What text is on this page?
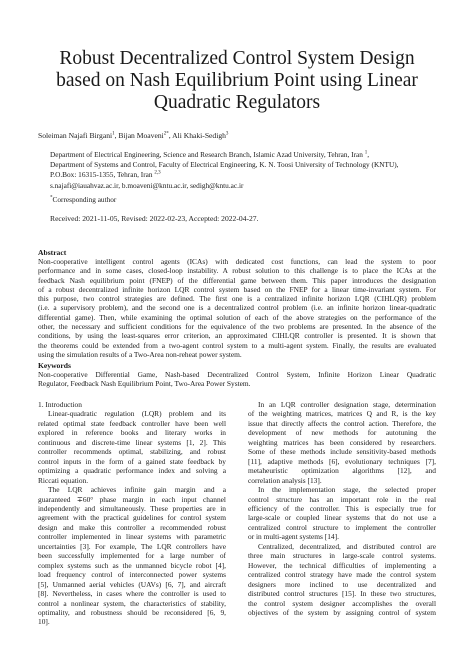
Robust Decentralized Control System Design
based on Nash Equilibrium Point using Linear
Quadratic Regulators
Soleiman Najafi Birgani$^1$, Bijan Moaveni$^{2*}$, Ali Khaki-Sedigh$^3$
Department of Electrical Engineering, Science and Research Branch, Islamic Azad University, Tehran, Iran $^1$,
Department of Systems and Control, Faculty of Electrical Engineering, K. N. Toosi University of Technology (KNTU),
P.O.Box: 16315-1355, Tehran, Iran $^{2,3}$
s.najafi@iauahvaz.ac.ir, b.moaveni@kntu.ac.ir, sedigh@kntu.ac.ir
*Corresponding author
Received: 2021-11-05, Revised: 2022-02-23, Accepted: 2022-04-27.
Abstract
Non-cooperative intelligent control agents (ICAs) with dedicated cost functions, can lead the system to poor
performance and in some cases, closed-loop instability. A robust solution to this challenge is to place the ICAs at the
feedback Nash equilibrium point (FNEP) of the differential game between them. This paper introduces the designation
of a robust decentralized infinite horizon LQR control system based on the FNEP for a linear time-invariant system. For
this purpose, two control strategies are defined. The first one is a centralized infinite horizon LQR (CIHLQR) problem
(i.e. a supervisory problem), and the second one is a decentralized control problem (i.e. an infinite horizon linear-quadratic
differential game). Then, while examining the optimal solution of each of the above strategies on the performance of the
other, the necessary and sufficient conditions for the equivalence of the two problems are presented. In the absence of the
conditions, by using the least-squares error criterion, an approximated CIHLQR controller is presented. It is shown that
the theorems could be extended from a two-agent control system to a multi-agent system. Finally, the results are evaluated
using the simulation results of a Two-Area non-reheat power system.
Keywords
Non-cooperative Differential Game, Nash-based Decentralized Control System, Infinite Horizon Linear Quadratic
Regulator, Feedback Nash Equilibrium Point, Two-Area Power System.
1. Introduction
Linear-quadratic regulation (LQR) problem and its
related optimal state feedback controller have been well
explored in reference books and literary works in
continuous and discrete-time linear systems [1, 2]. This
controller recommends optimal, stabilizing, and robust
control inputs in the form of a gained state feedback by
optimizing a quadratic performance index and solving a
Riccati equation.
The LQR achieves infinite gain margin and a
guaranteed ∓60° phase margin in each input channel
independently and simultaneously. These properties are in
agreement with the practical guidelines for control system
design and make this controller a recommended robust
controller implemented in linear systems with parametric
uncertainties [3]. For example, The LQR controllers have
been successfully implemented for a large number of
complex systems such as the unmanned bicycle robot [4],
load frequency control of interconnected power systems
[5], Unmanned aerial vehicles (UAVs) [6, 7], and aircraft
[8]. Nevertheless, in cases where the controller is used to
control a nonlinear system, the characteristics of stability,
optimality, and robustness should be reconsidered [6, 9,
10].
In an LQR controller designation stage, determination
of the weighting matrices, matrices Q and R, is the key
issue that directly affects the control action. Therefore, the
development of new methods for autotuning the
weighting matrices has been considered by researchers.
Some of these methods include sensitivity-based methods
[11], adaptive methods [6], evolutionary techniques [7],
metaheuristic optimization algorithms [12], and
correlation analysis [13].
In the implementation stage, the selected proper
control structure has an important role in the real
efficiency of the controller. This is especially true for
large-scale or coupled linear systems that do not use a
centralized control structure to implement the controller
or in multi-agent systems [14].
Centralized, decentralized, and distributed control are
three main structures in large-scale control systems.
However, the technical difficulties of implementing a
centralized control strategy have made the control system
designers more inclined to use decentralized and
distributed control structures [15]. In these two structures,
the control system designer accomplishes the overall
objectives of the system by assigning control of system
